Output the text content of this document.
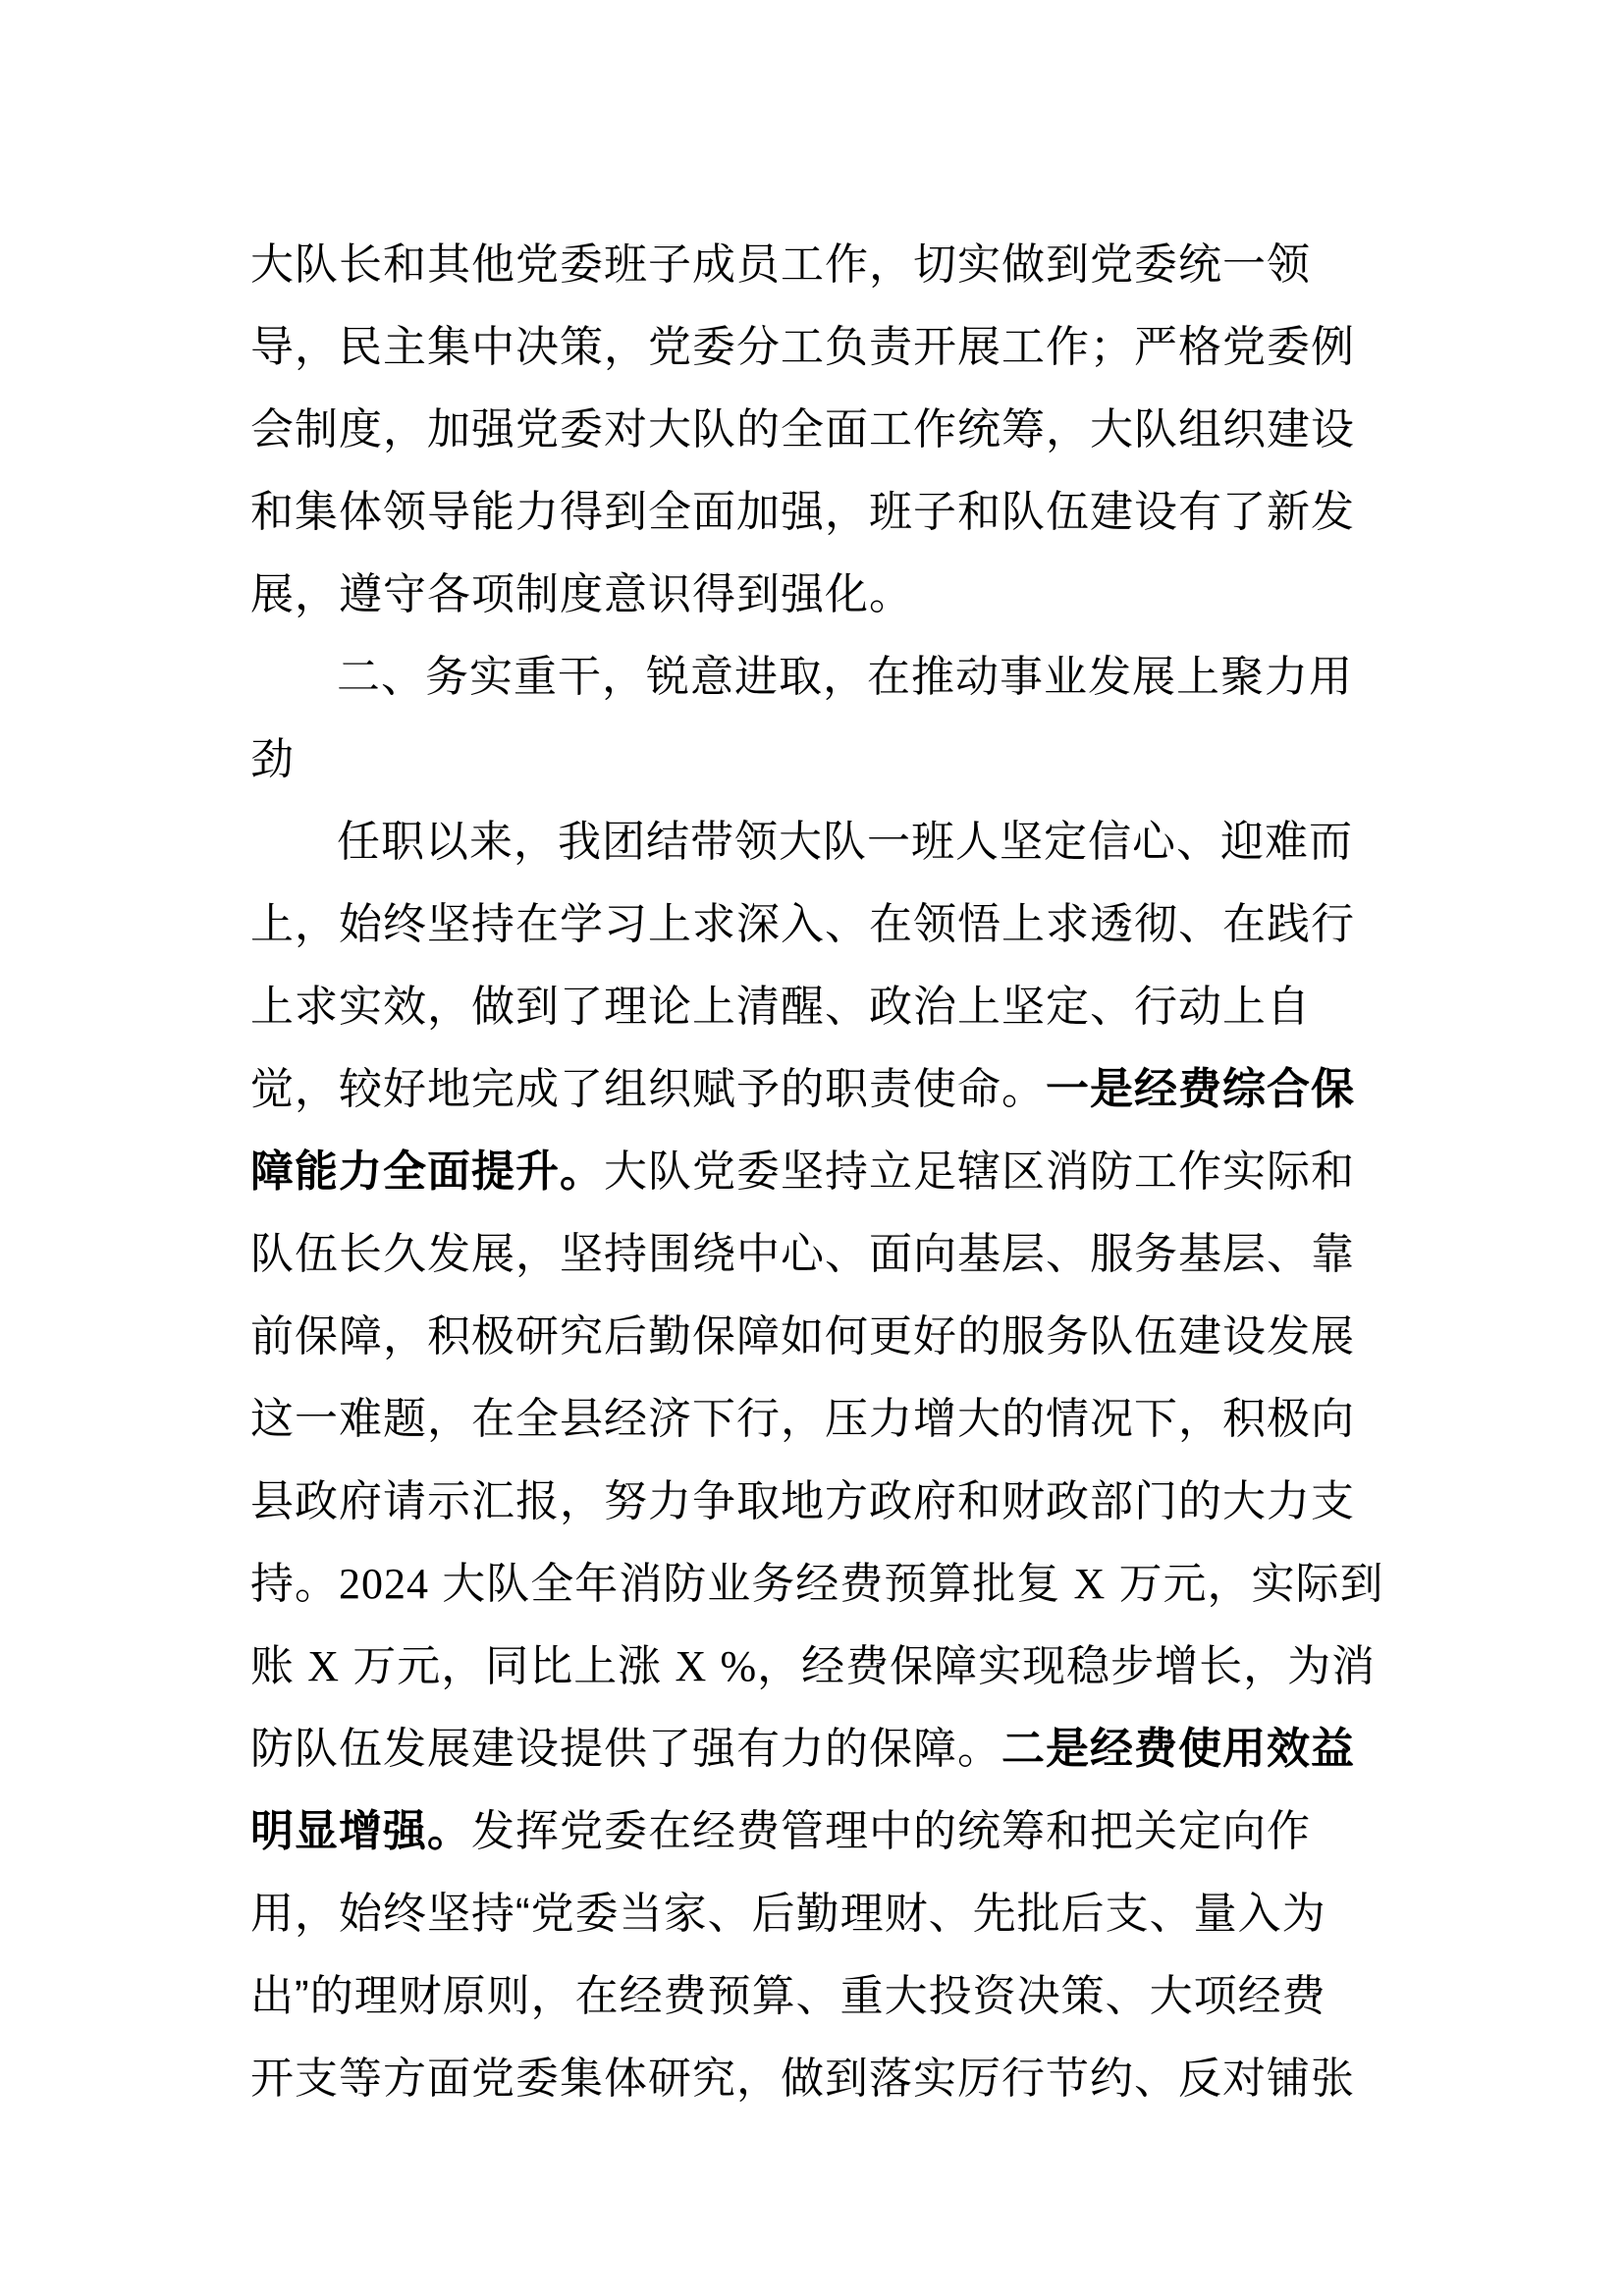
大队长和其他党委班子成员工作，切实做到党委统一领
导，民主集中决策，党委分工负责开展工作；严格党委例
会制度，加强党委对大队的全面工作统筹，大队组织建设
和集体领导能力得到全面加强，班子和队伍建设有了新发
展，遵守各项制度意识得到强化。
二、务实重干，锐意进取，在推动事业发展上聚力用
劲
任职以来，我团结带领大队一班人坚定信心、迎难而
上，始终坚持在学习上求深入、在领悟上求透彻、在践行
上求实效，做到了理论上清醒、政治上坚定、行动上自
觉，较好地完成了组织赋予的职责使命。一是经费综合保
障能力全面提升。大队党委坚持立足辖区消防工作实际和
队伍长久发展，坚持围绕中心、面向基层、服务基层、靠
前保障，积极研究后勤保障如何更好的服务队伍建设发展
这一难题，在全县经济下行，压力增大的情况下，积极向
县政府请示汇报，努力争取地方政府和财政部门的大力支
持。2024 大队全年消防业务经费预算批复 X 万元，实际到
账 X 万元，同比上涨 X %，经费保障实现稳步增长，为消
防队伍发展建设提供了强有力的保障。二是经费使用效益
明显增强。发挥党委在经费管理中的统筹和把关定向作
用，始终坚持“党委当家、后勤理财、先批后支、量入为
出”的理财原则，在经费预算、重大投资决策、大项经费
开支等方面党委集体研究，做到落实厉行节约、反对铺张
